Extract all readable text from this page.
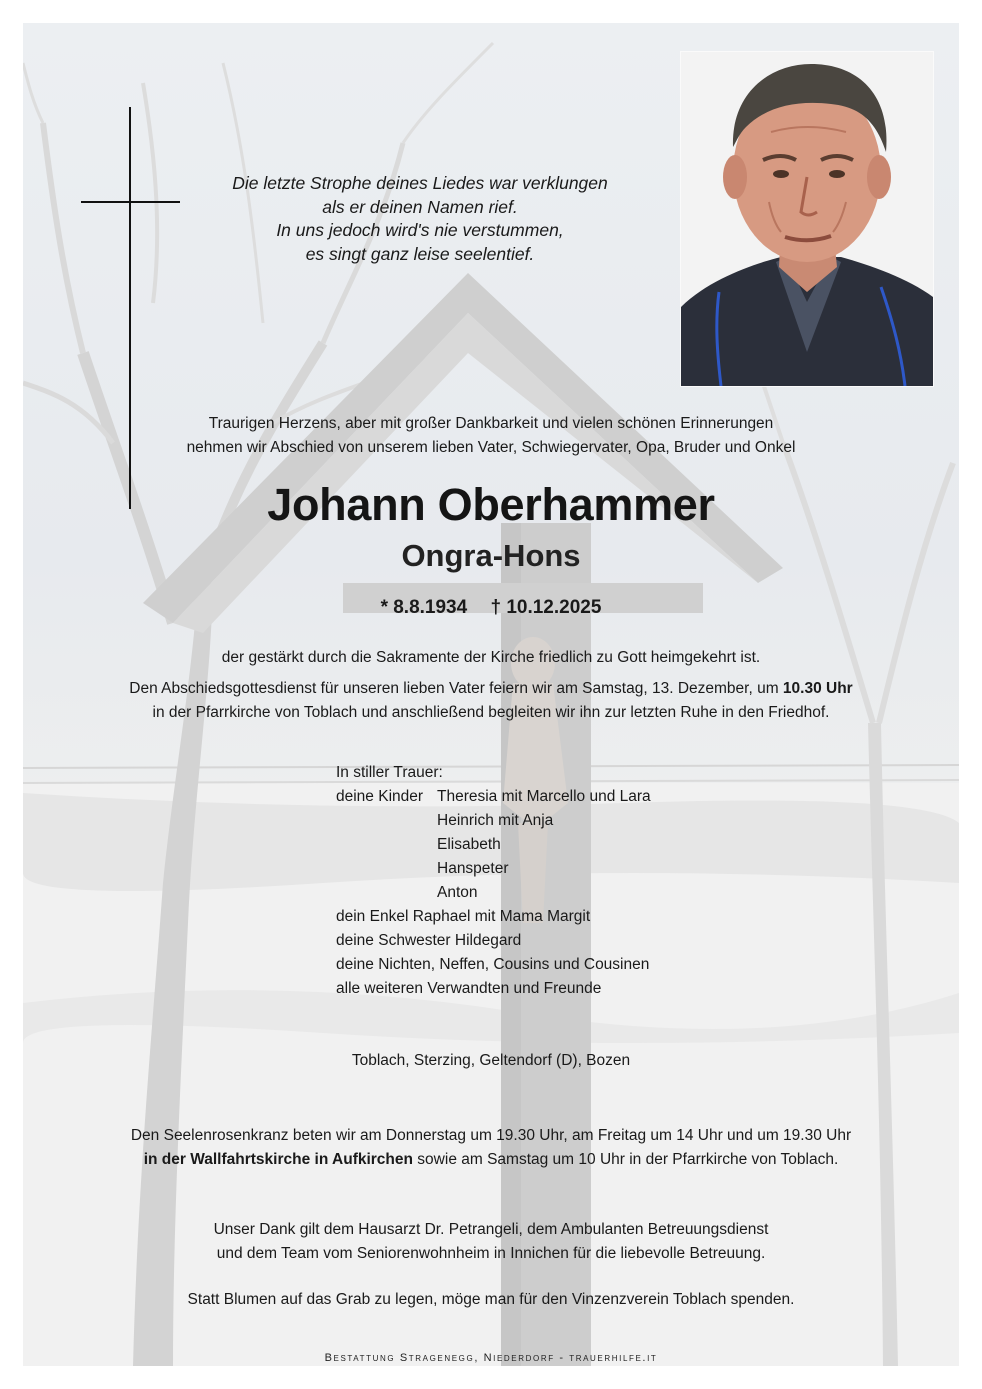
Die letzte Strophe deines Liedes war verklungen
als er deinen Namen rief.
In uns jedoch wird's nie verstummen,
es singt ganz leise seelentief.
Traurigen Herzens, aber mit großer Dankbarkeit und vielen schönen Erinnerungen
nehmen wir Abschied von unserem lieben Vater, Schwiegervater, Opa, Bruder und Onkel
Johann Oberhammer
Ongra-Hons
* 8.8.1934 † 10.12.2025
der gestärkt durch die Sakramente der Kirche friedlich zu Gott heimgekehrt ist.
Den Abschiedsgottesdienst für unseren lieben Vater feiern wir am Samstag, 13. Dezember, um 10.30 Uhr
in der Pfarrkirche von Toblach und anschließend begleiten wir ihn zur letzten Ruhe in den Friedhof.
In stiller Trauer:
deine Kinder Theresia mit Marcello und Lara
Heinrich mit Anja
Elisabeth
Hanspeter
Anton
dein Enkel Raphael mit Mama Margit
deine Schwester Hildegard
deine Nichten, Neffen, Cousins und Cousinen
alle weiteren Verwandten und Freunde
Toblach, Sterzing, Geltendorf (D), Bozen
Den Seelenrosenkranz beten wir am Donnerstag um 19.30 Uhr, am Freitag um 14 Uhr und um 19.30 Uhr
in der Wallfahrtskirche in Aufkirchen sowie am Samstag um 10 Uhr in der Pfarrkirche von Toblach.
Unser Dank gilt dem Hausarzt Dr. Petrangeli, dem Ambulanten Betreuungsdienst
und dem Team vom Seniorenwohnheim in Innichen für die liebevolle Betreuung.
Statt Blumen auf das Grab zu legen, möge man für den Vinzenzverein Toblach spenden.
Bestattung Stragenegg, Niederdorf - trauerhilfe.it
